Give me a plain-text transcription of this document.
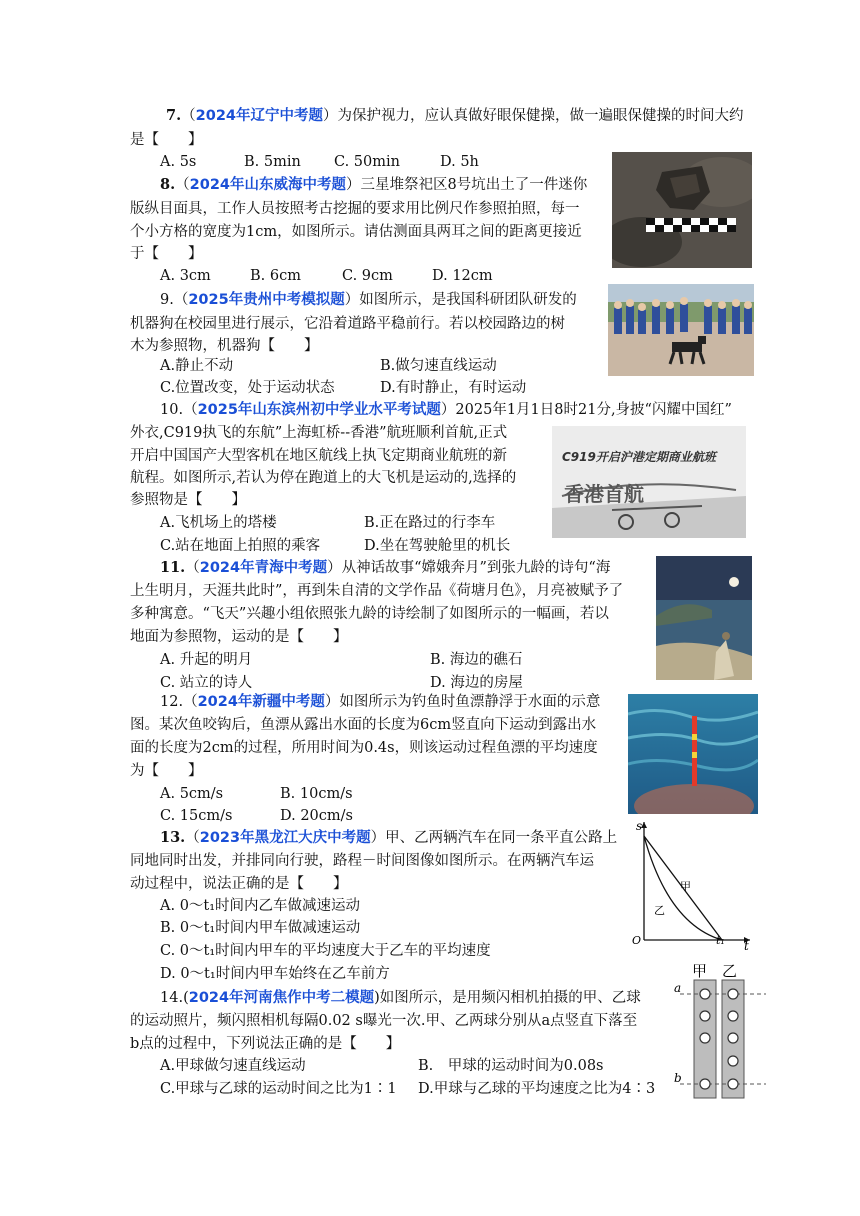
7.（2024年辽宁中考题）为保护视力，应认真做好眼保健操，做一遍眼保健操的时间大约
是【　　】
A. 5s	B. 5min C. 50min	D. 5h
8.（2024年山东威海中考题）三星堆祭祀区8号坑出土了一件迷你
版纵目面具，工作人员按照考古挖掘的要求用比例尺作参照拍照，每一
个小方格的宽度为1cm，如图所示。请估测面具两耳之间的距离更接近
于【　　】
A. 3cm	B. 6cm	C. 9cm	D. 12cm
9.（2025年贵州中考模拟题）如图所示，是我国科研团队研发的
机器狗在校园里进行展示，它沿着道路平稳前行。若以校园路边的树
木为参照物，机器狗【　　】
A.静止不动	B.做匀速直线运动
C.位置改变，处于运动状态	D.有时静止，有时运动
10.（2025年山东滨州初中学业水平考试题）2025年1月1日8时21分,身披“闪耀中国红”
外衣,C919执飞的东航”上海虹桥--香港”航班顺利首航,正式
开启中国国产大型客机在地区航线上执飞定期商业航班的新
航程。如图所示,若认为停在跑道上的大飞机是运动的,选择的
参照物是【　　】
A.飞机场上的塔楼	B.正在路过的行李车
C.站在地面上拍照的乘客	D.坐在驾驶舱里的机长
C919开启沪港定期商业航班
香港首航
11.（2024年青海中考题）从神话故事“嫦娥奔月”到张九龄的诗句“海
上生明月，天涯共此时”，再到朱自清的文学作品《荷塘月色》，月亮被赋予了
多种寓意。“飞天”兴趣小组依照张九龄的诗绘制了如图所示的一幅画，若以
地面为参照物，运动的是【　　】
A. 升起的明月	B. 海边的礁石
C. 站立的诗人	D. 海边的房屋
12.（2024年新疆中考题）如图所示为钓鱼时鱼漂静浮于水面的示意
图。某次鱼咬钩后，鱼漂从露出水面的长度为6cm竖直向下运动到露出水
面的长度为2cm的过程，所用时间为0.4s，则该运动过程鱼漂的平均速度
为【　　】
A. 5cm/s	B. 10cm/s
C. 15cm/s	D. 20cm/s
13.（2023年黑龙江大庆中考题）甲、乙两辆汽车在同一条平直公路上
同地同时出发，并排同向行驶，路程－时间图像如图所示。在两辆汽车运
动过程中，说法正确的是【　　】
A. 0～t₁时间内乙车做减速运动
B. 0～t₁时间内甲车做减速运动
C. 0～t₁时间内甲车的平均速度大于乙车的平均速度
D. 0～t₁时间内甲车始终在乙车前方
s
t
O	t₁
甲
乙
14.(2024年河南焦作中考二模题)如图所示，是用频闪相机拍摄的甲、乙球
的运动照片，频闪照相机每隔0.02 s曝光一次.甲、乙两球分别从a点竖直下落至
b点的过程中，下列说法正确的是【　　】
A.甲球做匀速直线运动	B.　甲球的运动时间为0.08s
C.甲球与乙球的运动时间之比为1∶1 D.甲球与乙球的平均速度之比为4∶3
甲 乙
a
b
